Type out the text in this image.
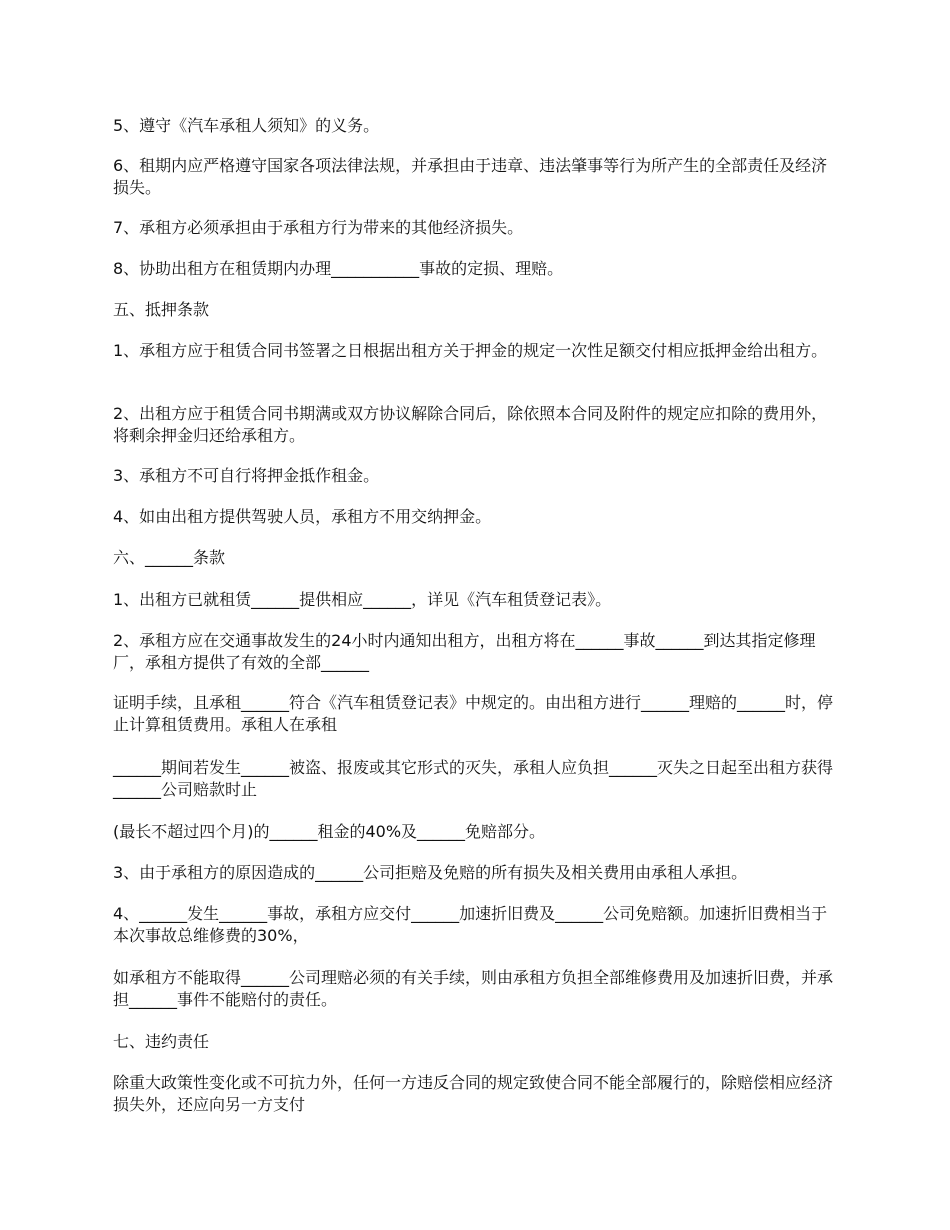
5、遵守《汽车承租人须知》的义务。

6、租期内应严格遵守国家各项法律法规，并承担由于违章、违法肇事等行为所产生的全部责任及经济损失。

7、承租方必须承担由于承租方行为带来的其他经济损失。

8、协助出租方在租赁期内办理___________事故的定损、理赔。

五、抵押条款

1、承租方应于租赁合同书签署之日根据出租方关于押金的规定一次性足额交付相应抵押金给出租方。

2、出租方应于租赁合同书期满或双方协议解除合同后，除依照本合同及附件的规定应扣除的费用外，将剩余押金归还给承租方。

3、承租方不可自行将押金抵作租金。

4、如由出租方提供驾驶人员，承租方不用交纳押金。

六、______条款

1、出租方已就租赁______提供相应______，详见《汽车租赁登记表》。

2、承租方应在交通事故发生的24小时内通知出租方，出租方将在______事故______到达其指定修理厂，承租方提供了有效的全部______

证明手续，且承租______符合《汽车租赁登记表》中规定的。由出租方进行______理赔的______时，停止计算租赁费用。承租人在承租

______期间若发生______被盗、报废或其它形式的灭失，承租人应负担______灭失之日起至出租方获得______公司赔款时止

(最长不超过四个月)的______租金的40%及______免赔部分。

3、由于承租方的原因造成的______公司拒赔及免赔的所有损失及相关费用由承租人承担。

4、______发生______事故，承租方应交付______加速折旧费及______公司免赔额。加速折旧费相当于本次事故总维修费的30%，

如承租方不能取得______公司理赔必须的有关手续，则由承租方负担全部维修费用及加速折旧费，并承担______事件不能赔付的责任。

七、违约责任

除重大政策性变化或不可抗力外，任何一方违反合同的规定致使合同不能全部履行的，除赔偿相应经济损失外，还应向另一方支付
